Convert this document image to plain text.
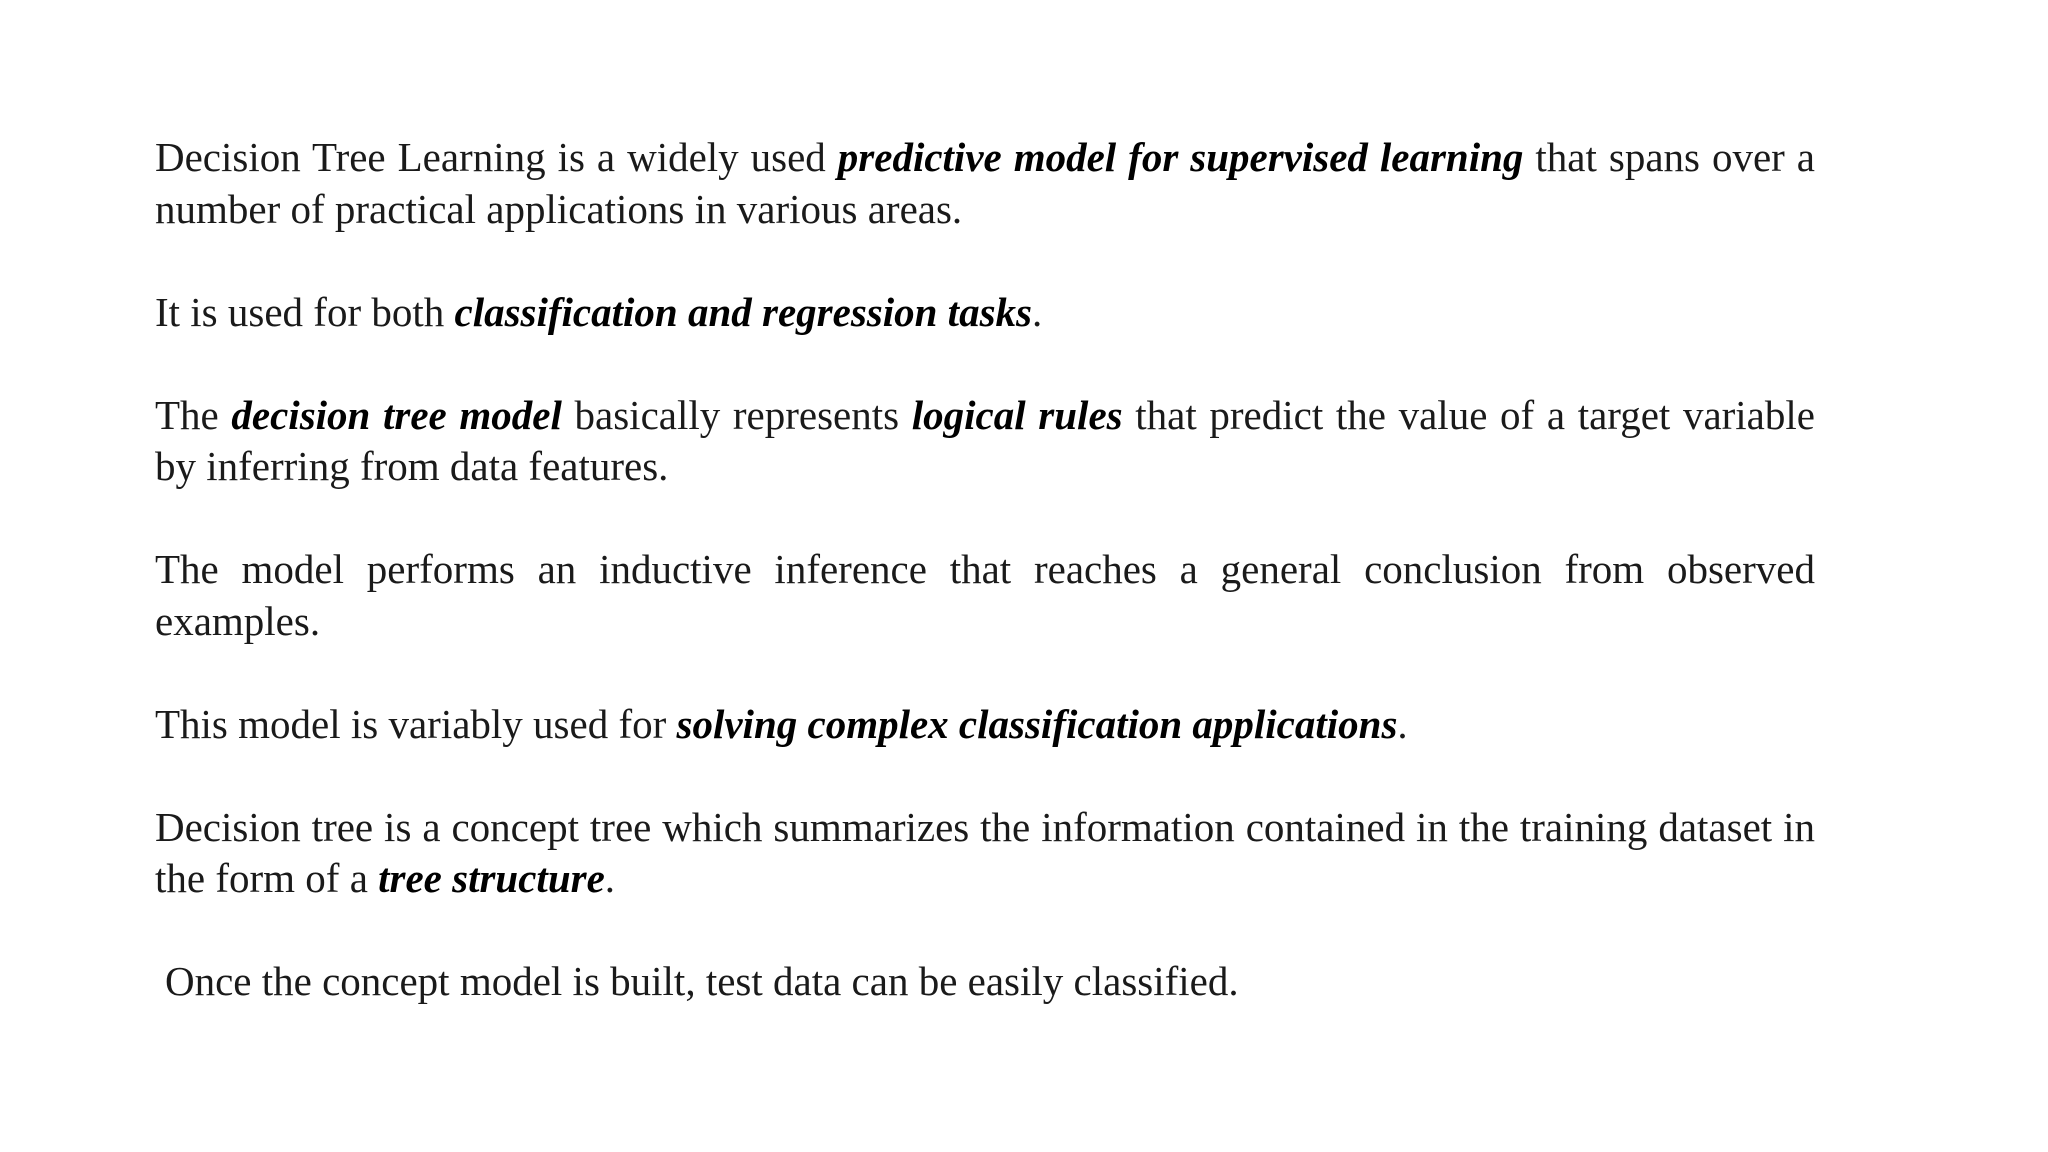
Decision Tree Learning is a widely used predictive model for supervised learning that spans over a number of practical applications in various areas.

It is used for both classification and regression tasks.

The decision tree model basically represents logical rules that predict the value of a target variable by inferring from data features.

The model performs an inductive inference that reaches a general conclusion from observed examples.

This model is variably used for solving complex classification applications.

Decision tree is a concept tree which summarizes the information contained in the training dataset in the form of a tree structure.

Once the concept model is built, test data can be easily classified.
